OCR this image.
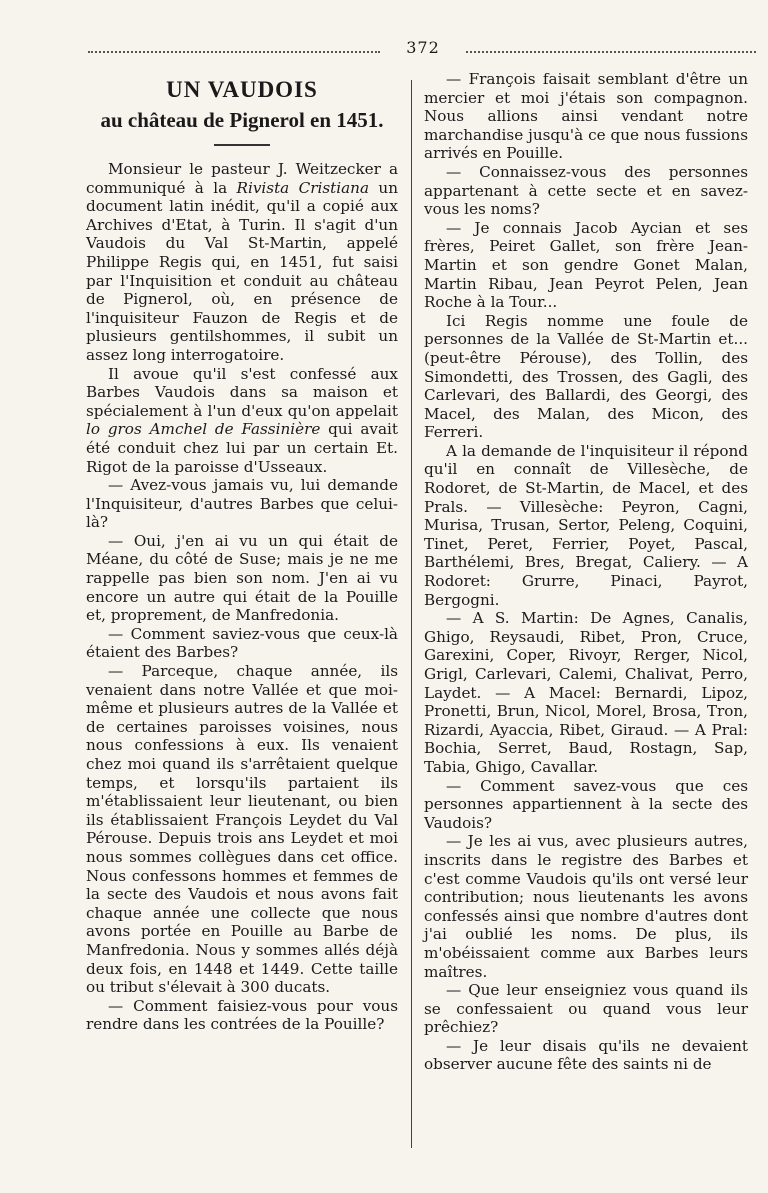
372
UN VAUDOIS
au château de Pignerol en 1451.

Monsieur le pasteur J. Weitzecker a communiqué à la Rivista Cristiana un document latin inédit, qu'il a copié aux Archives d'Etat, à Turin. Il s'agit d'un Vaudois du Val St-Martin, appelé Philippe Regis qui, en 1451, fut saisi par l'Inquisition et conduit au château de Pignerol, où, en présence de l'inquisiteur Fauzon de Regis et de plusieurs gentilshommes, il subit un assez long interrogatoire.

Il avoue qu'il s'est confessé aux Barbes Vaudois dans sa maison et spécialement à l'un d'eux qu'on appelait lo gros Amchel de Fassinière qui avait été conduit chez lui par un certain Et. Rigot de la paroisse d'Usseaux.

— Avez-vous jamais vu, lui demande l'Inquisiteur, d'autres Barbes que celui-là?

— Oui, j'en ai vu un qui était de Méane, du côté de Suse; mais je ne me rappelle pas bien son nom. J'en ai vu encore un autre qui était de la Pouille et, proprement, de Manfredonia.

— Comment saviez-vous que ceux-là étaient des Barbes?

— Parceque, chaque année, ils venaient dans notre Vallée et que moi-même et plusieurs autres de la Vallée et de certaines paroisses voisines, nous nous confessions à eux. Ils venaient chez moi quand ils s'arrêtaient quelque temps, et lorsqu'ils partaient ils m'établissaient leur lieutenant, ou bien ils établissaient François Leydet du Val Pérouse. Depuis trois ans Leydet et moi nous sommes collègues dans cet office. Nous confessons hommes et femmes de la secte des Vaudois et nous avons fait chaque année une collecte que nous avons portée en Pouille au Barbe de Manfredonia. Nous y sommes allés déjà deux fois, en 1448 et 1449. Cette taille ou tribut s'élevait à 300 ducats.

— Comment faisiez-vous pour vous rendre dans les contrées de la Pouille?

— François faisait semblant d'être un mercier et moi j'étais son compagnon. Nous allions ainsi vendant notre marchandise jusqu'à ce que nous fussions arrivés en Pouille.

— Connaissez-vous des personnes appartenant à cette secte et en savez-vous les noms?

— Je connais Jacob Aycian et ses frères, Peiret Gallet, son frère Jean-Martin et son gendre Gonet Malan, Martin Ribau, Jean Peyrot Pelen, Jean Roche à la Tour...

Ici Regis nomme une foule de personnes de la Vallée de St-Martin et... (peut-être Pérouse), des Tollin, des Simondetti, des Trossen, des Gagli, des Carlevari, des Ballardi, des Georgi, des Macel, des Malan, des Micon, des Ferreri.

A la demande de l'inquisiteur il répond qu'il en connaît de Villesèche, de Rodoret, de St-Martin, de Macel, et des Prals. — Villesèche: Peyron, Cagni, Murisa, Trusan, Sertor, Peleng, Coquini, Tinet, Peret, Ferrier, Poyet, Pascal, Barthélemi, Bres, Bregat, Caliery. — A Rodoret: Grurre, Pinaci, Payrot, Bergogni.

— A S. Martin: De Agnes, Canalis, Ghigo, Reysaudi, Ribet, Pron, Cruce, Garexini, Coper, Rivoyr, Rerger, Nicol, Grigl, Carlevari, Calemi, Chalivat, Perro, Laydet. — A Macel: Bernardi, Lipoz, Pronetti, Brun, Nicol, Morel, Brosa, Tron, Rizardi, Ayaccia, Ribet, Giraud. — A Pral: Bochia, Serret, Baud, Rostagn, Sap, Tabia, Ghigo, Cavallar.

— Comment savez-vous que ces personnes appartiennent à la secte des Vaudois?

— Je les ai vus, avec plusieurs autres, inscrits dans le registre des Barbes et c'est comme Vaudois qu'ils ont versé leur contribution; nous lieutenants les avons confessés ainsi que nombre d'autres dont j'ai oublié les noms. De plus, ils m'obéissaient comme aux Barbes leurs maîtres.

— Que leur enseigniez vous quand ils se confessaient ou quand vous leur prêchiez?

— Je leur disais qu'ils ne devaient observer aucune fête des saints ni de
